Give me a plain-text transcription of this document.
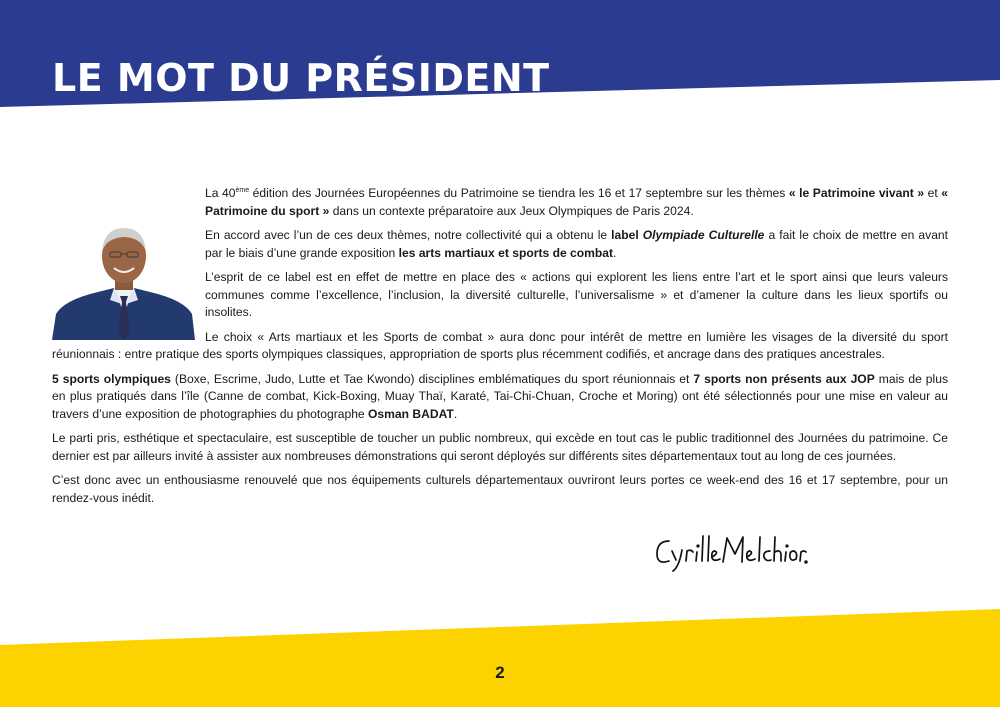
LE MOT DU PRÉSIDENT

La 40ème édition des Journées Européennes du Patrimoine se tiendra les 16 et 17 septembre sur les thèmes « le Patrimoine vivant » et « Patrimoine du sport » dans un contexte préparatoire aux Jeux Olympiques de Paris 2024.

En accord avec l’un de ces deux thèmes, notre collectivité qui a obtenu le label Olympiade Culturelle a fait le choix de mettre en avant par le biais d’une grande exposition les arts martiaux et sports de combat.

L’esprit de ce label est en effet de mettre en place des « actions qui explorent les liens entre l’art et le sport ainsi que leurs valeurs communes comme l’excellence, l’inclusion, la diversité culturelle, l’universalisme » et d’amener la culture dans les lieux sportifs ou insolites.

Le choix « Arts martiaux et les Sports de combat » aura donc pour intérêt de mettre en lumière les visages de la diversité du sport réunionnais : entre pratique des sports olympiques classiques, appropriation de sports plus récemment codifiés, et ancrage dans des pratiques ancestrales.

5 sports olympiques (Boxe, Escrime, Judo, Lutte et Tae Kwondo) disciplines emblématiques du sport réunionnais et 7 sports non présents aux JOP mais de plus en plus pratiqués dans l’île (Canne de combat, Kick-Boxing, Muay Thaï, Karaté, Tai-Chi-Chuan, Croche et Moring) ont été sélectionnés pour une mise en valeur au travers d’une exposition de photographies du photographe Osman BADAT.

Le parti pris, esthétique et spectaculaire, est susceptible de toucher un public nombreux, qui excède en tout cas le public traditionnel des Journées du patrimoine. Ce dernier est par ailleurs invité à assister aux nombreuses démonstrations qui seront déployés sur différents sites départementaux tout au long de ces journées.

C’est donc avec un enthousiasme renouvelé que nos équipements culturels départementaux ouvriront leurs portes ce week-end des 16 et 17 septembre, pour un rendez-vous inédit.

2
